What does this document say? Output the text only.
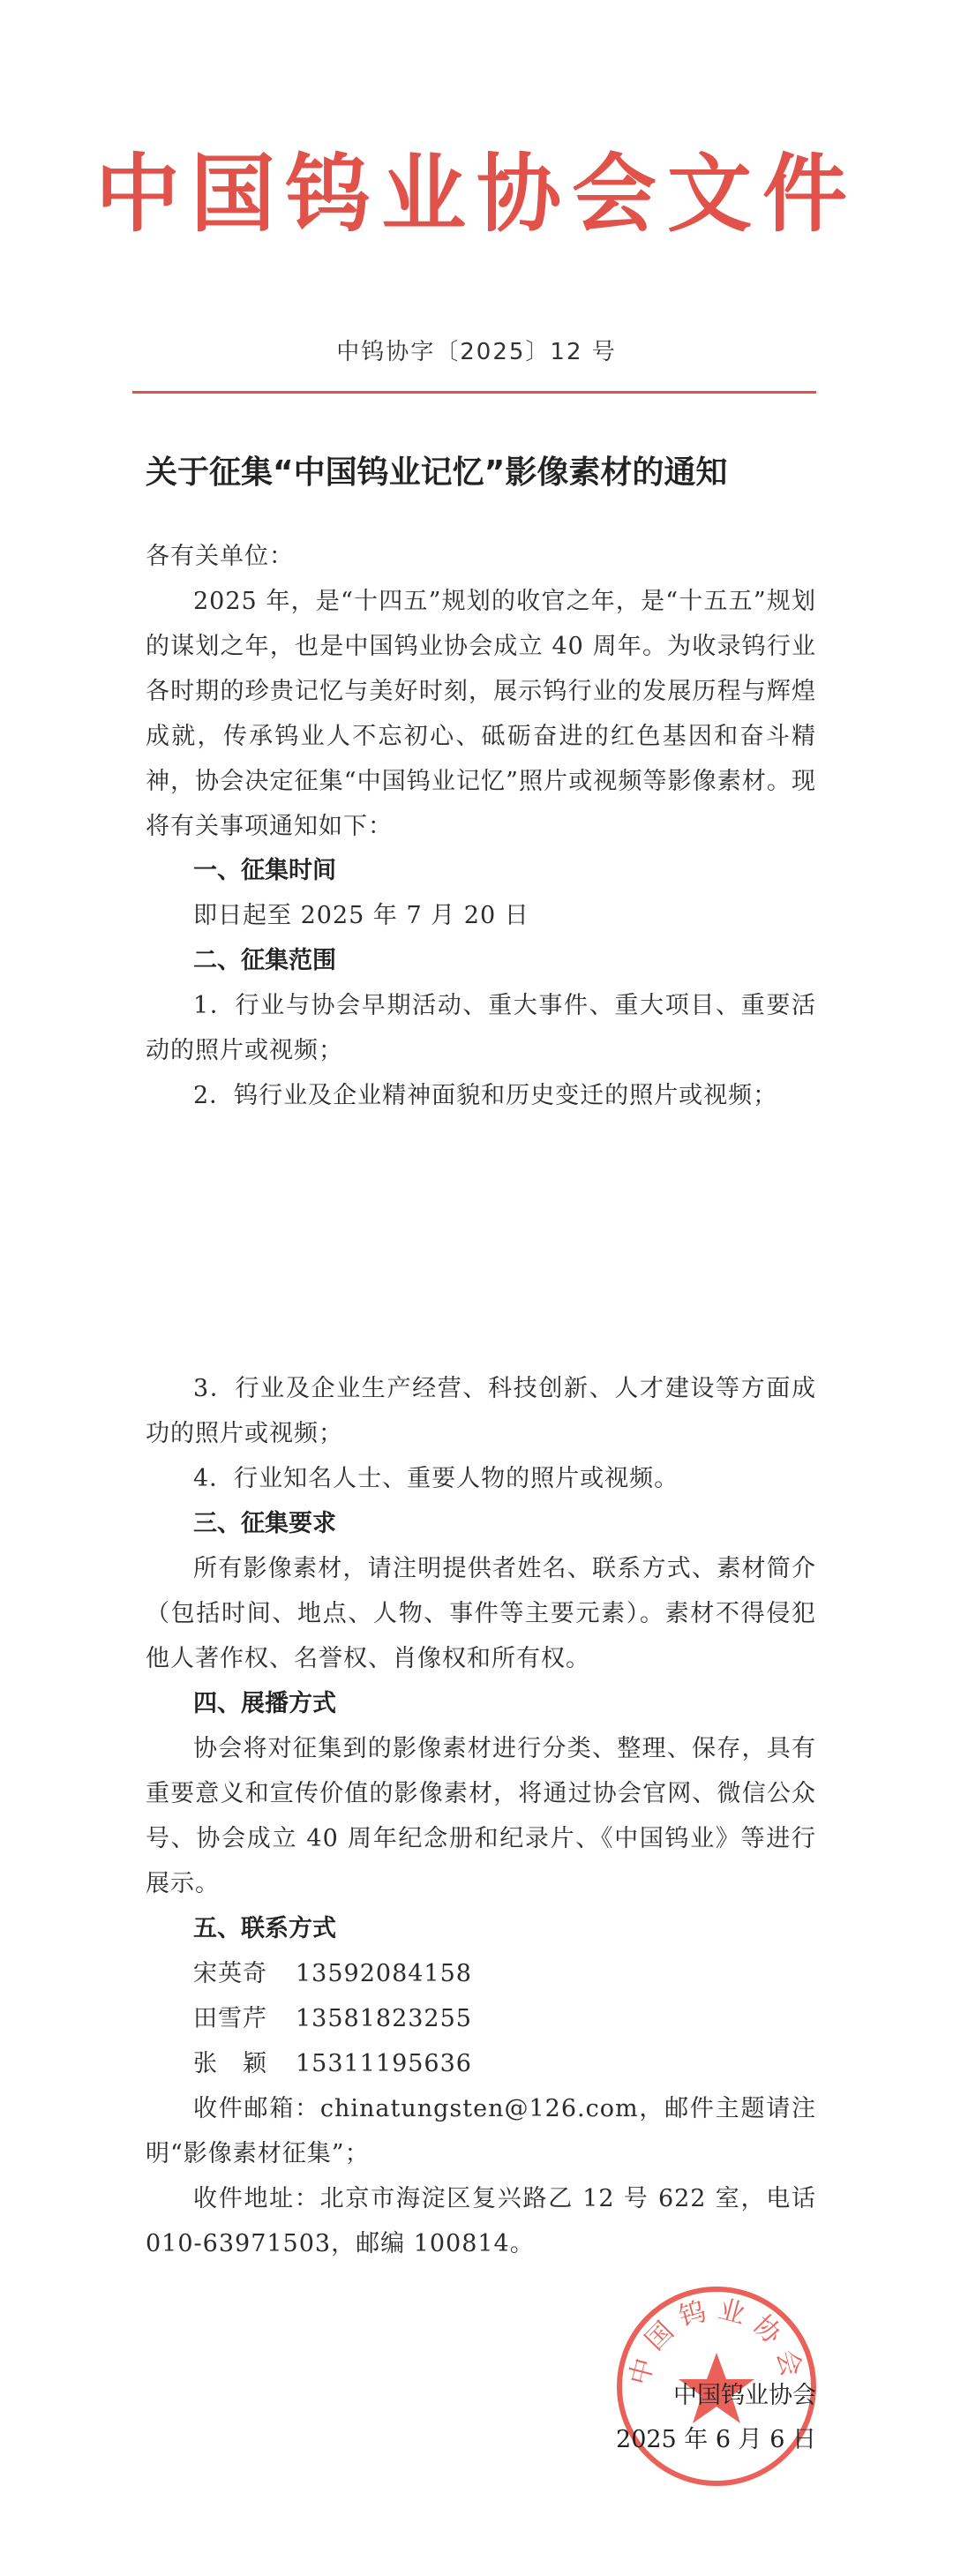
中国钨业协会文件
中钨协字〔2025〕12 号
关于征集“中国钨业记忆”影像素材的通知

各有关单位：

2025 年，是“十四五”规划的收官之年，是“十五五”规划的谋划之年，也是中国钨业协会成立 40 周年。为收录钨行业各时期的珍贵记忆与美好时刻，展示钨行业的发展历程与辉煌成就，传承钨业人不忘初心、砥砺奋进的红色基因和奋斗精神，协会决定征集“中国钨业记忆”照片或视频等影像素材。现将有关事项通知如下：

一、征集时间
即日起至 2025 年 7 月 20 日
二、征集范围

1．行业与协会早期活动、重大事件、重大项目、重要活动的照片或视频；

2．钨行业及企业精神面貌和历史变迁的照片或视频；

3．行业及企业生产经营、科技创新、人才建设等方面成功的照片或视频；

4．行业知名人士、重要人物的照片或视频。

三、征集要求

所有影像素材，请注明提供者姓名、联系方式、素材简介（包括时间、地点、人物、事件等主要元素）。素材不得侵犯他人著作权、名誉权、肖像权和所有权。

四、展播方式

协会将对征集到的影像素材进行分类、整理、保存，具有重要意义和宣传价值的影像素材，将通过协会官网、微信公众号、协会成立 40 周年纪念册和纪录片、《中国钨业》等进行展示。

五、联系方式
宋英奇 13592084158
田雪芹 13581823255
张　颖 15311195636

收件邮箱：chinatungsten@126.com，邮件主题请注明“影像素材征集”；

收件地址：北京市海淀区复兴路乙 12 号 622 室，电话 010-63971503，邮编 100814。

中国钨业协会
中国钨业协会
2025 年 6 月 6 日
